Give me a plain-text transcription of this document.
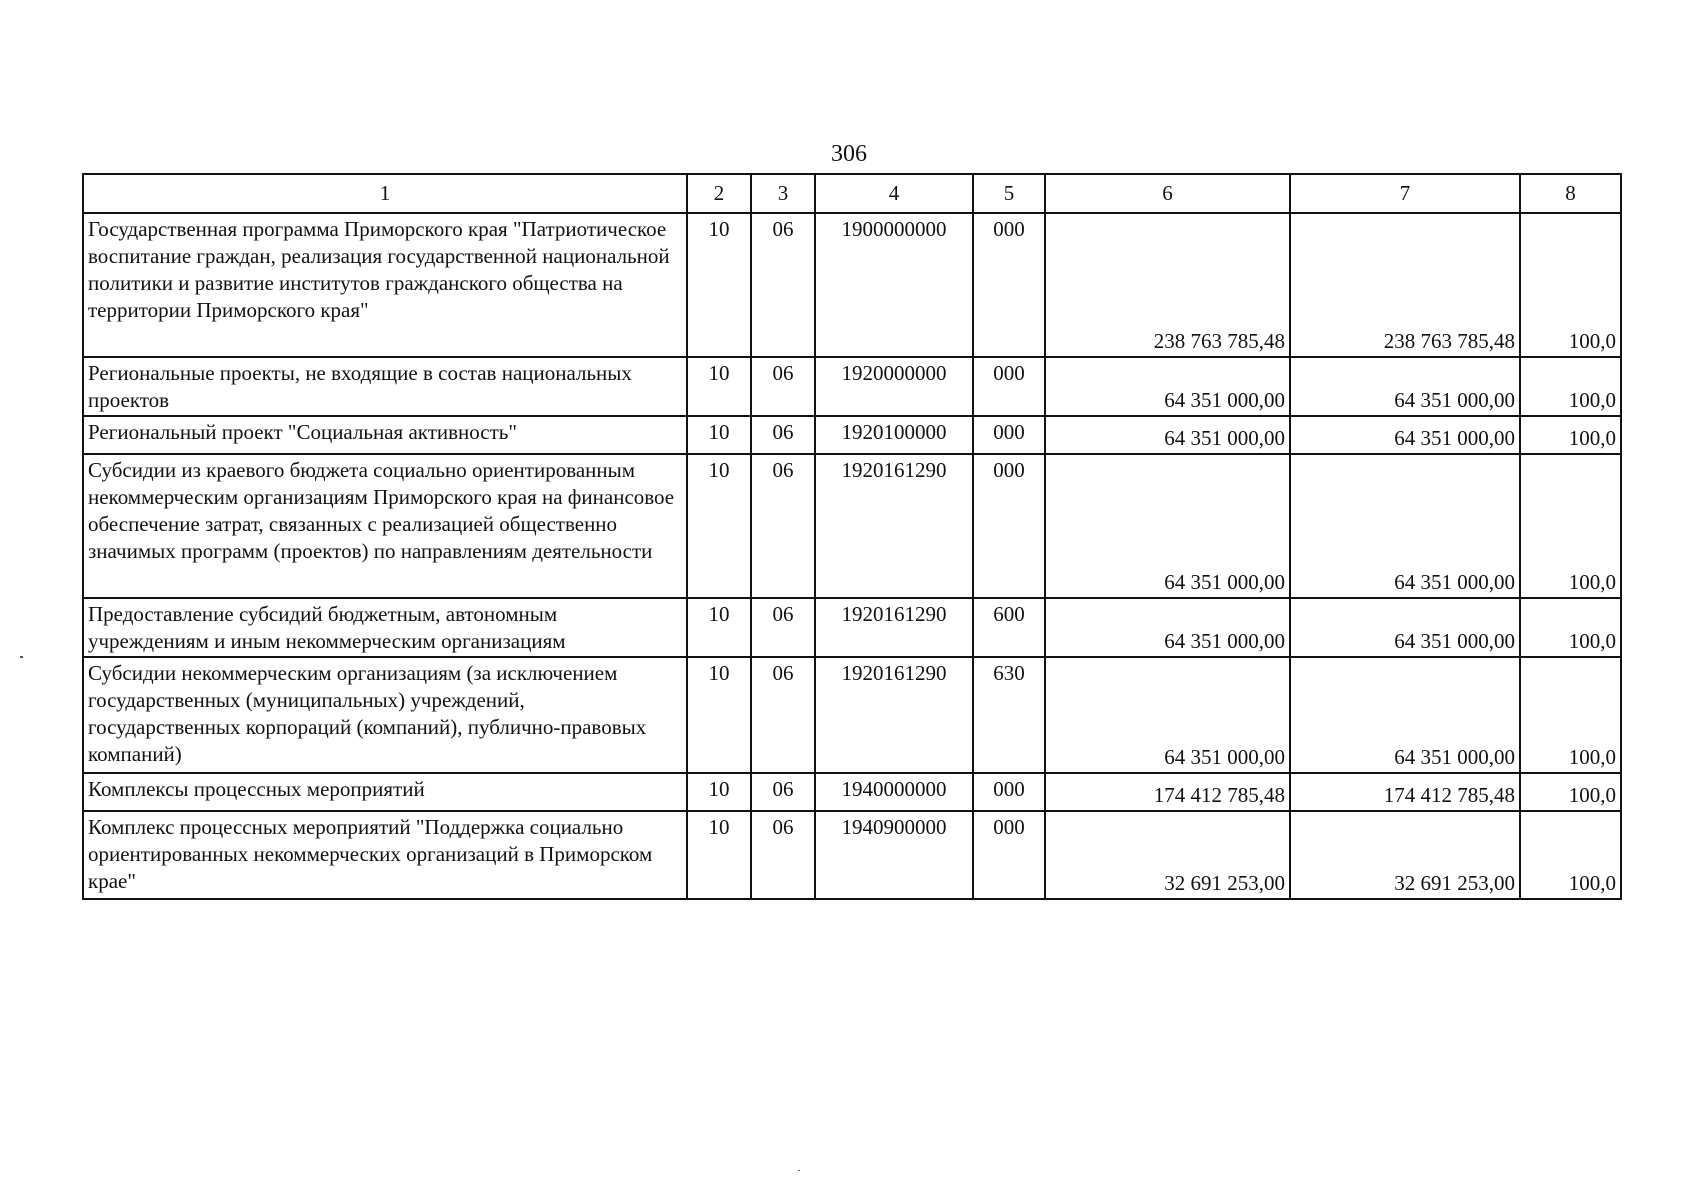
306
1	2	3	4	5	6	7	8
Государственная программа Приморского края "Патриотическое воспитание граждан, реализация государственной национальной политики и развитие институтов гражданского общества на территории Приморского края"	10	06	1900000000	000	238 763 785,48	238 763 785,48	100,0
Региональные проекты, не входящие в состав национальных проектов	10	06	1920000000	000	64 351 000,00	64 351 000,00	100,0
Региональный проект "Социальная активность"	10	06	1920100000	000	64 351 000,00	64 351 000,00	100,0
Субсидии из краевого бюджета социально ориентированным некоммерческим организациям Приморского края на финансовое обеспечение затрат, связанных с реализацией общественно значимых программ (проектов) по направлениям деятельности	10	06	1920161290	000	64 351 000,00	64 351 000,00	100,0
Предоставление субсидий бюджетным, автономным учреждениям и иным некоммерческим организациям	10	06	1920161290	600	64 351 000,00	64 351 000,00	100,0
Субсидии некоммерческим организациям (за исключением государственных (муниципальных) учреждений, государственных корпораций (компаний), публично-правовых компаний)	10	06	1920161290	630	64 351 000,00	64 351 000,00	100,0
Комплексы процессных мероприятий	10	06	1940000000	000	174 412 785,48	174 412 785,48	100,0
Комплекс процессных мероприятий "Поддержка социально ориентированных некоммерческих организаций в Приморском крае"	10	06	1940900000	000	32 691 253,00	32 691 253,00	100,0
